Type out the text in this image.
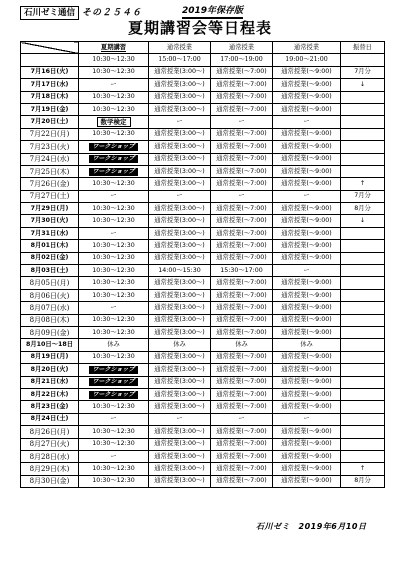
石川ゼミ通信 その２５４６	2019年保存版
夏期講習会等日程表
	夏期講習	通常授業	通常授業	通常授業	振替日
	10:30～12:30	15:00～17:00	17:00～19:00	19:00～21:00	
7月16日(火)	10:30～12:30	通常授業(3:00～)	通常授業(～7:00)	通常授業(～9:00)	7月分
7月17日(水)	ー	通常授業(3:00～)	通常授業(～7:00)	通常授業(～9:00)	↓
7月18日(木)	10:30～12:30	通常授業(3:00～)	通常授業(～7:00)	通常授業(～9:00)	
7月19日(金)	10:30～12:30	通常授業(3:00～)	通常授業(～7:00)	通常授業(～9:00)	
7月20日(土)	数学検定	ー	ー	ー	
7月22日(月)	10:30～12:30	通常授業(3:00～)	通常授業(～7:00)	通常授業(～9:00)	
7月23日(火)	ワークショップ	通常授業(3:00～)	通常授業(～7:00)	通常授業(～9:00)	
7月24日(水)	ワークショップ	通常授業(3:00～)	通常授業(～7:00)	通常授業(～9:00)	
7月25日(木)	ワークショップ	通常授業(3:00～)	通常授業(～7:00)	通常授業(～9:00)	
7月26日(金)	10:30～12:30	通常授業(3:00～)	通常授業(～7:00)	通常授業(～9:00)	↑
7月27日(土)	ー	ー	ー	ー	7月分
7月29日(月)	10:30～12:30	通常授業(3:00～)	通常授業(～7:00)	通常授業(～9:00)	8月分
7月30日(火)	10:30～12:30	通常授業(3:00～)	通常授業(～7:00)	通常授業(～9:00)	↓
7月31日(水)	ー	通常授業(3:00～)	通常授業(～7:00)	通常授業(～9:00)	
8月01日(木)	10:30～12:30	通常授業(3:00～)	通常授業(～7:00)	通常授業(～9:00)	
8月02日(金)	10:30～12:30	通常授業(3:00～)	通常授業(～7:00)	通常授業(～9:00)	
8月03日(土)	10:30～12:30	14:00～15:30	15:30～17:00	ー	
8月05日(月)	10:30～12:30	通常授業(3:00～)	通常授業(～7:00)	通常授業(～9:00)	
8月06日(火)	10:30～12:30	通常授業(3:00～)	通常授業(～7:00)	通常授業(～9:00)	
8月07日(水)	ー	通常授業(3:00～)	通常授業(～7:00)	通常授業(～9:00)	
8月08日(木)	10:30～12:30	通常授業(3:00～)	通常授業(～7:00)	通常授業(～9:00)	
8月09日(金)	10:30～12:30	通常授業(3:00～)	通常授業(～7:00)	通常授業(～9:00)	
8月10日～18日	休み	休み	休み	休み	
8月19日(月)	10:30～12:30	通常授業(3:00～)	通常授業(～7:00)	通常授業(～9:00)	
8月20日(火)	ワークショップ	通常授業(3:00～)	通常授業(～7:00)	通常授業(～9:00)	
8月21日(水)	ワークショップ	通常授業(3:00～)	通常授業(～7:00)	通常授業(～9:00)	
8月22日(木)	ワークショップ	通常授業(3:00～)	通常授業(～7:00)	通常授業(～9:00)	
8月23日(金)	10:30～12:30	通常授業(3:00～)	通常授業(～7:00)	通常授業(～9:00)	
8月24日(土)	ー	ー	ー	ー	
8月26日(月)	10:30～12:30	通常授業(3:00～)	通常授業(～7:00)	通常授業(～9:00)	
8月27日(火)	10:30～12:30	通常授業(3:00～)	通常授業(～7:00)	通常授業(～9:00)	
8月28日(水)	ー	通常授業(3:00～)	通常授業(～7:00)	通常授業(～9:00)	
8月29日(木)	10:30～12:30	通常授業(3:00～)	通常授業(～7:00)	通常授業(～9:00)	↑
8月30日(金)	10:30～12:30	通常授業(3:00～)	通常授業(～7:00)	通常授業(～9:00)	8月分
石川ゼミ　2019年6月10日
